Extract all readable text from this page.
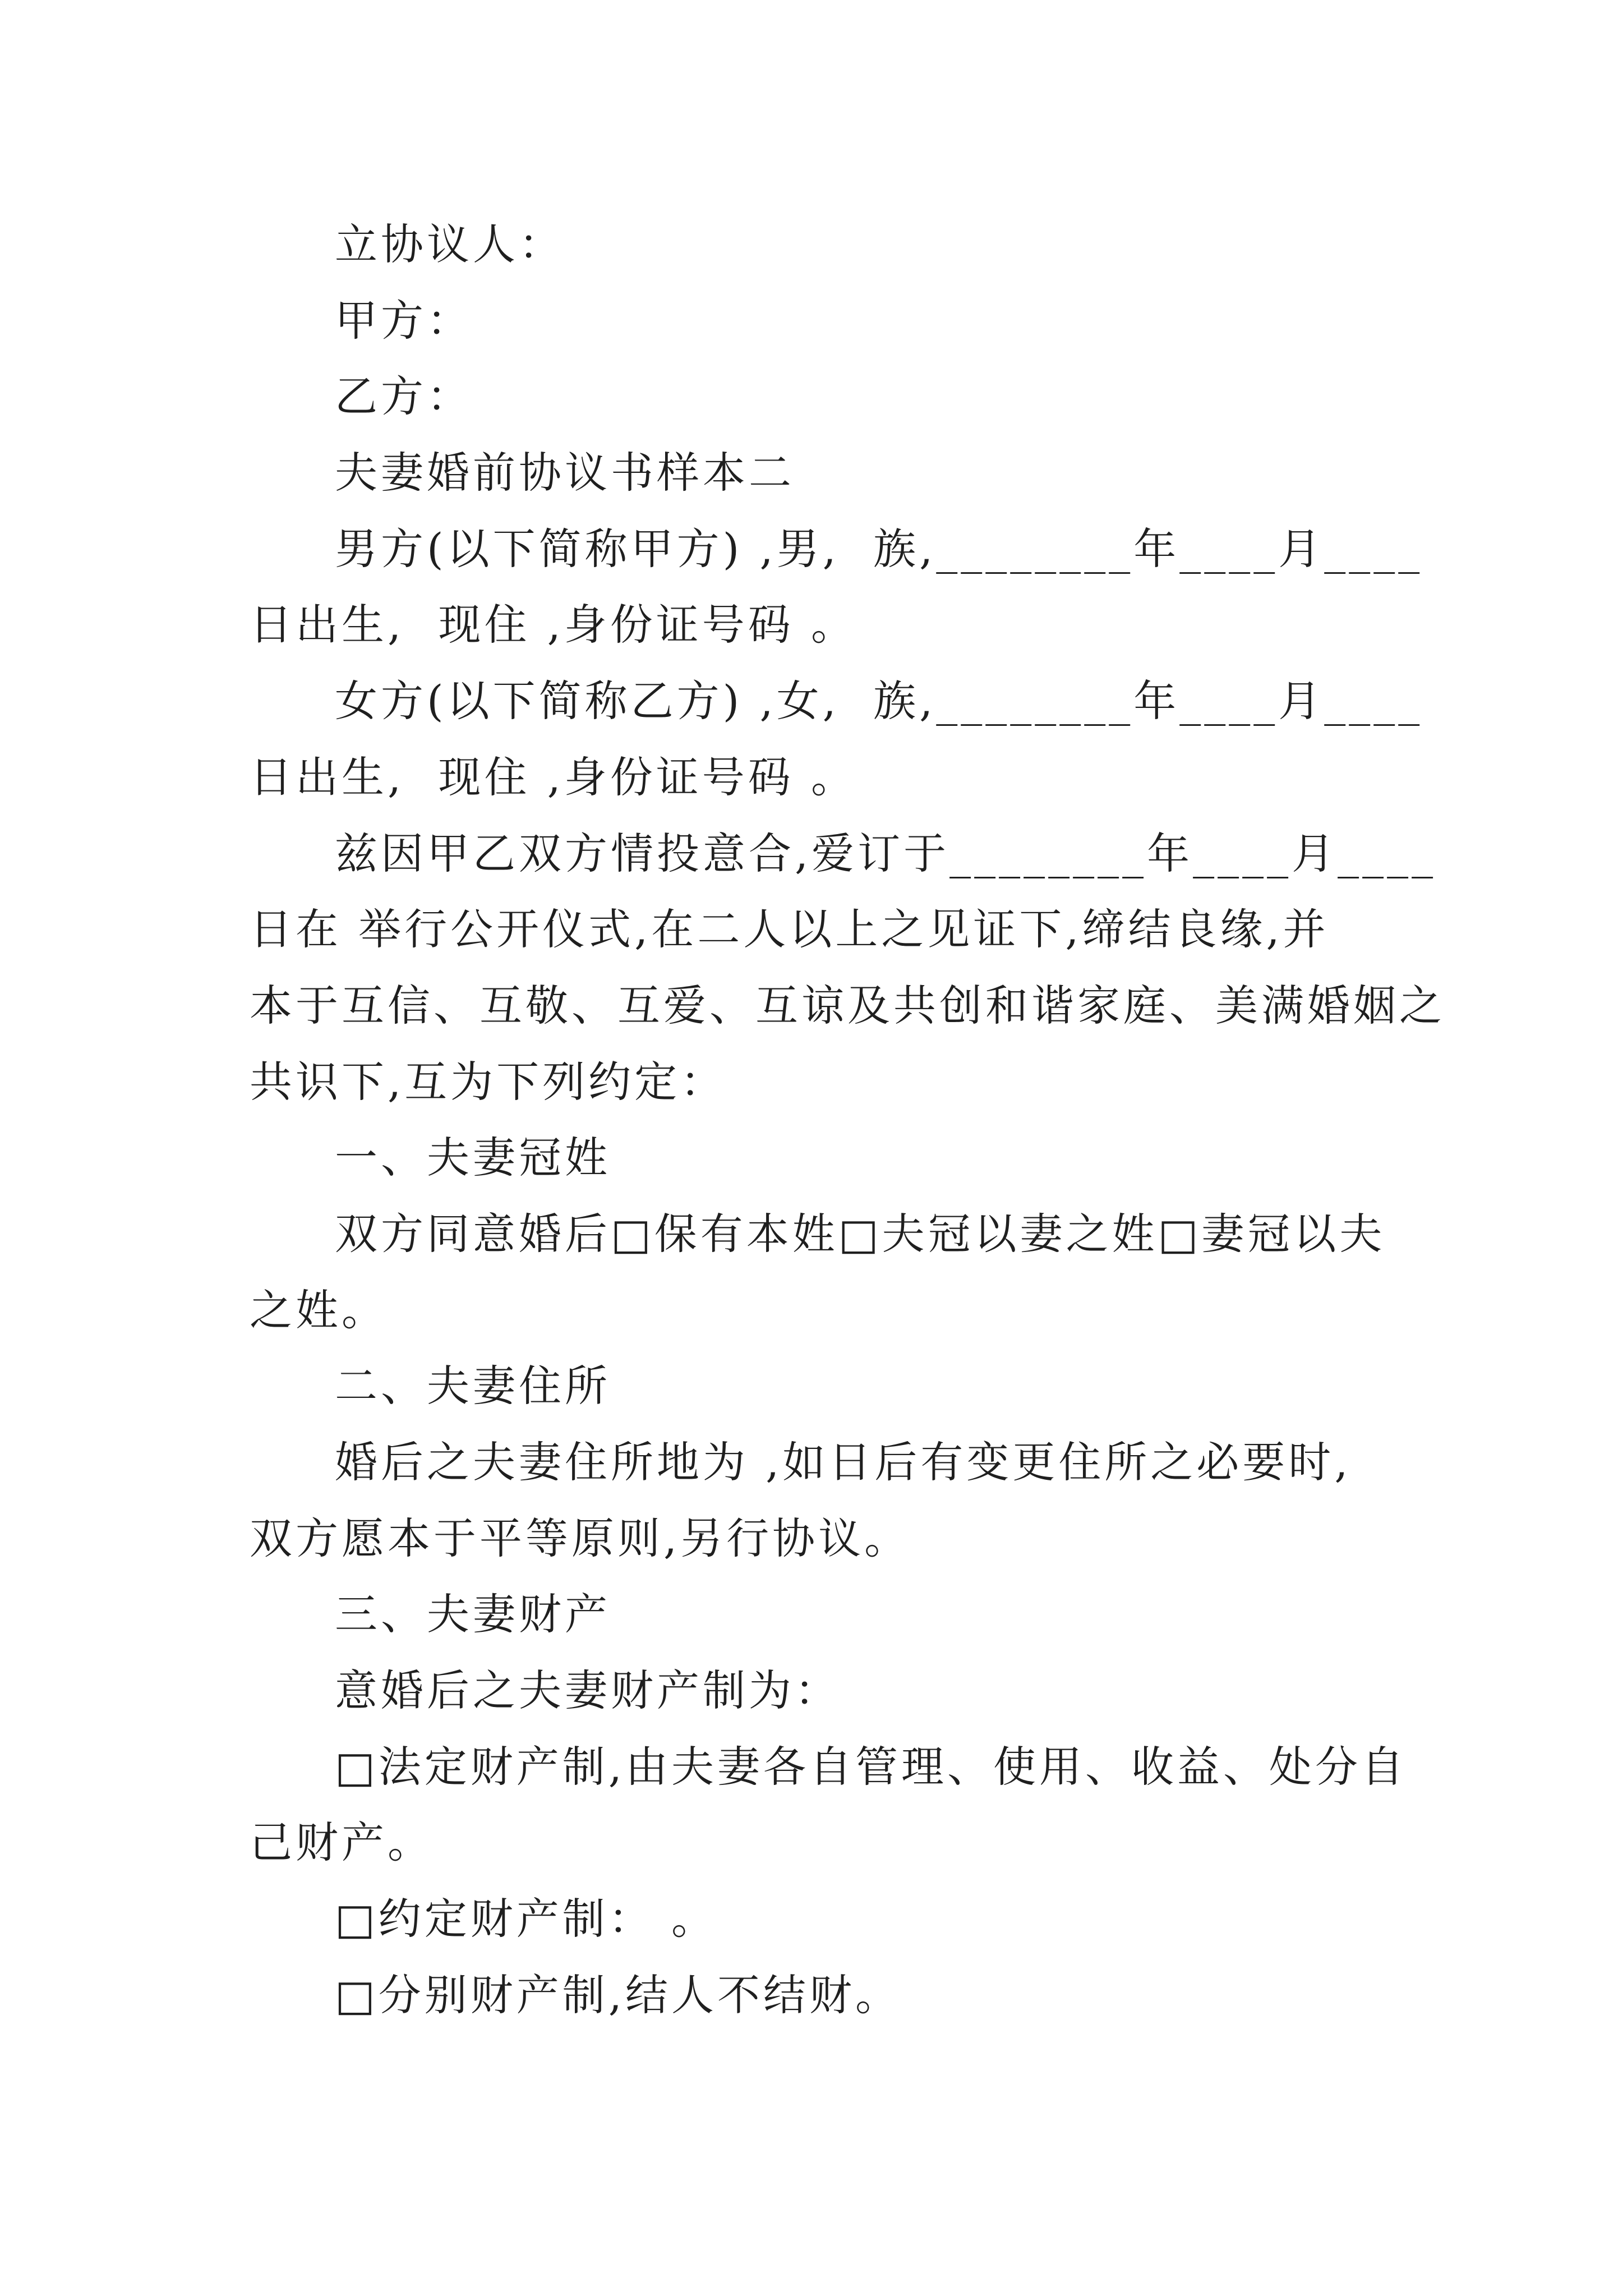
立协议人：
甲方：
乙方：
夫妻婚前协议书样本二
男方(以下简称甲方) ,男,  族,________年____月____
日出生,  现住 ,身份证号码 。
女方(以下简称乙方) ,女,  族,________年____月____
日出生,  现住 ,身份证号码 。
兹因甲乙双方情投意合,爱订于________年____月____
日在 举行公开仪式,在二人以上之见证下,缔结良缘,并
本于互信、互敬、互爱、互谅及共创和谐家庭、美满婚姻之
共识下,互为下列约定：
一、夫妻冠姓
双方同意婚后□保有本姓□夫冠以妻之姓□妻冠以夫
之姓。
二、夫妻住所
婚后之夫妻住所地为 ,如日后有变更住所之必要时,
双方愿本于平等原则,另行协议。
三、夫妻财产
意婚后之夫妻财产制为：
□法定财产制,由夫妻各自管理、使用、收益、处分自
己财产。
□约定财产制： 。
□分别财产制,结人不结财。
